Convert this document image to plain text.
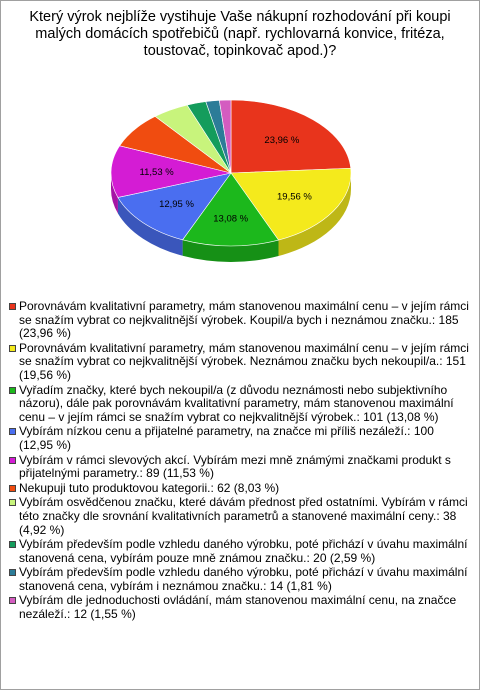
Který výrok nejblíže vystihuje Vaše nákupní rozhodování při koupi malých domácích spotřebičů (např. rychlovarná konvice, fritéza, toustovač, topinkovač apod.)?
23,96 %
19,56 %
13,08 %
12,95 %
11,53 %
Porovnávám kvalitativní parametry, mám stanovenou maximální cenu – v jejím rámci se snažím vybrat co nejkvalitnější výrobek. Koupil/a bych i neznámou značku.: 185 (23,96 %)
Porovnávám kvalitativní parametry, mám stanovenou maximální cenu – v jejím rámci se snažím vybrat co nejkvalitnější výrobek. Neznámou značku bych nekoupil/a.: 151 (19,56 %)
Vyřadím značky, které bych nekoupil/a (z důvodu neznámosti nebo subjektivního názoru), dále pak porovnávám kvalitativní parametry, mám stanovenou maximální cenu – v jejím rámci se snažím vybrat co nejkvalitnější výrobek.: 101 (13,08 %)
Vybírám nízkou cenu a přijatelné parametry, na značce mi příliš nezáleží.: 100 (12,95 %)
Vybírám v rámci slevových akcí. Vybírám mezi mně známými značkami produkt s přijatelnými parametry.: 89 (11,53 %)
Nekupuji tuto produktovou kategorii.: 62 (8,03 %)
Vybírám osvědčenou značku, které dávám přednost před ostatními. Vybírám v rámci této značky dle srovnání kvalitativních parametrů a stanovené maximální ceny.: 38 (4,92 %)
Vybírám především podle vzhledu daného výrobku, poté přichází v úvahu maximální stanovená cena, vybírám pouze mně známou značku.: 20 (2,59 %)
Vybírám především podle vzhledu daného výrobku, poté přichází v úvahu maximální stanovená cena, vybírám i neznámou značku.: 14 (1,81 %)
Vybírám dle jednoduchosti ovládání, mám stanovenou maximální cenu, na značce nezáleží.: 12 (1,55 %)
